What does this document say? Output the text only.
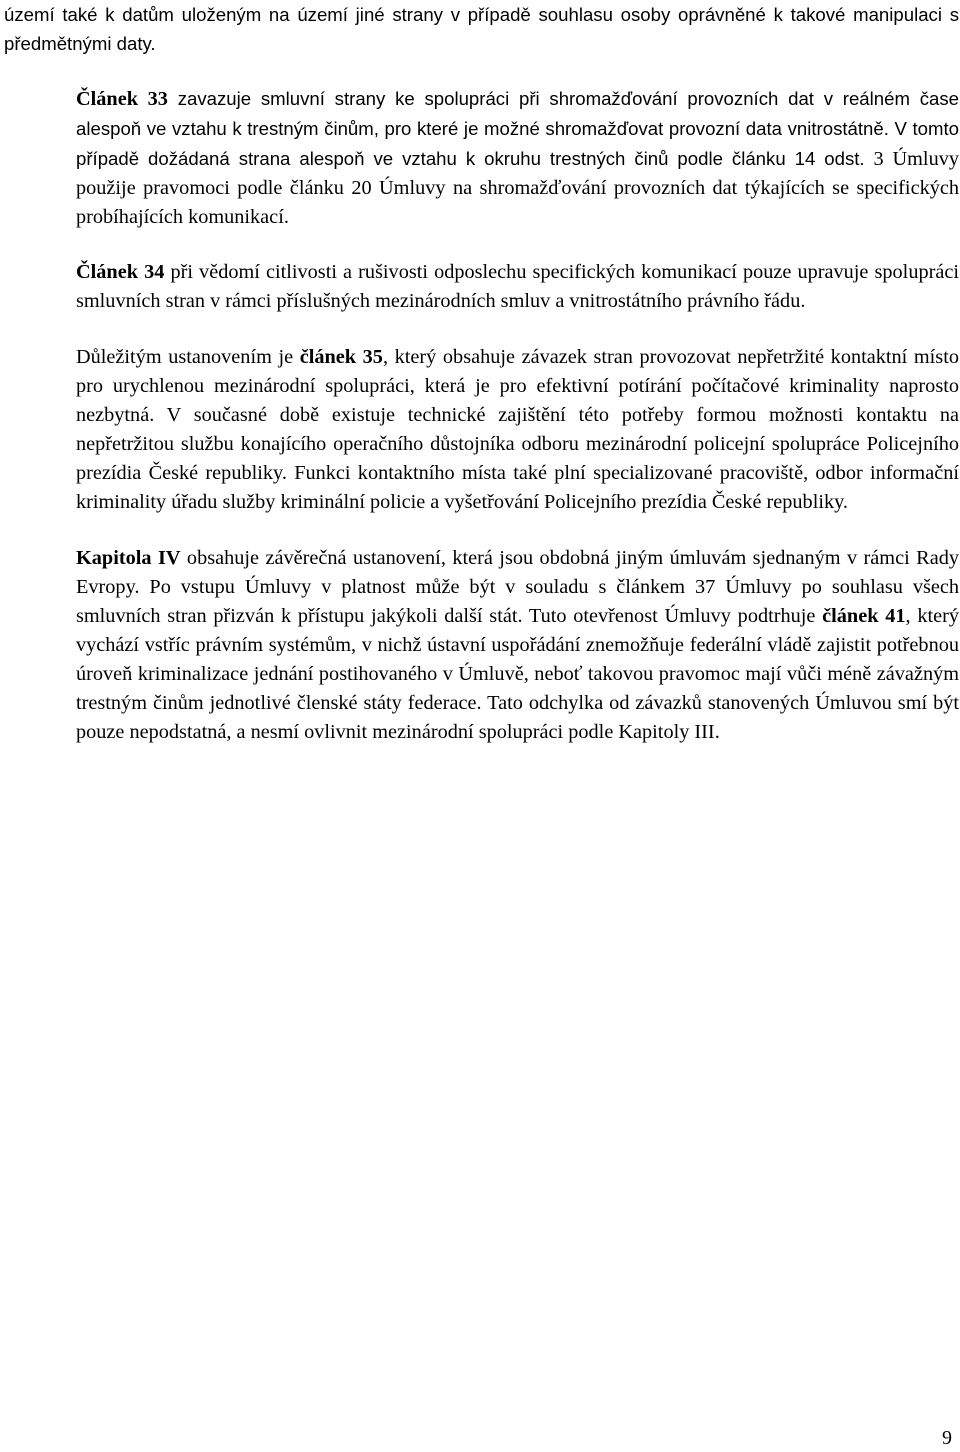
území také k datům uloženým na území jiné strany v případě souhlasu osoby oprávněné k takové manipulaci s předmětnými daty.

Článek 33 zavazuje smluvní strany ke spolupráci při shromažďování provozních dat v reálném čase alespoň ve vztahu k trestným činům, pro které je možné shromažďovat provozní data vnitrostátně. V tomto případě dožádaná strana alespoň ve vztahu k okruhu trestných činů podle článku 14 odst. 3 Úmluvy použije pravomoci podle článku 20 Úmluvy na shromažďování provozních dat týkajících se specifických probíhajících komunikací.

Článek 34 při vědomí citlivosti a rušivosti odposlechu specifických komunikací pouze upravuje spolupráci smluvních stran v rámci příslušných mezinárodních smluv a vnitrostátního právního řádu.

Důležitým ustanovením je článek 35, který obsahuje závazek stran provozovat nepřetržité kontaktní místo pro urychlenou mezinárodní spolupráci, která je pro efektivní potírání počítačové kriminality naprosto nezbytná. V současné době existuje technické zajištění této potřeby formou možnosti kontaktu na nepřetržitou službu konajícího operačního důstojníka odboru mezinárodní policejní spolupráce Policejního prezídia České republiky. Funkci kontaktního místa také plní specializované pracoviště, odbor informační kriminality úřadu služby kriminální policie a vyšetřování Policejního prezídia České republiky.

Kapitola IV obsahuje závěrečná ustanovení, která jsou obdobná jiným úmluvám sjednaným v rámci Rady Evropy. Po vstupu Úmluvy v platnost může být v souladu s článkem 37 Úmluvy po souhlasu všech smluvních stran přizván k přístupu jakýkoli další stát. Tuto otevřenost Úmluvy podtrhuje článek 41, který vychází vstříc právním systémům, v nichž ústavní uspořádání znemožňuje federální vládě zajistit potřebnou úroveň kriminalizace jednání postihovaného v Úmluvě, neboť takovou pravomoc mají vůči méně závažným trestným činům jednotlivé členské státy federace. Tato odchylka od závazků stanovených Úmluvou smí být pouze nepodstatná, a nesmí ovlivnit mezinárodní spolupráci podle Kapitoly III.

9
